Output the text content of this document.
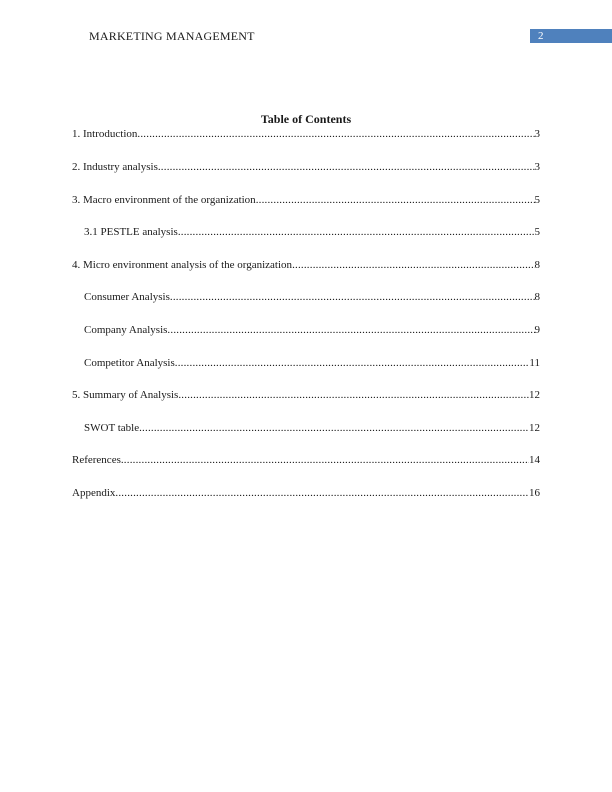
MARKETING MANAGEMENT	2
Table of Contents
1. Introduction .....	3
2. Industry analysis .....	3
3. Macro environment of the organization .....	5
3.1 PESTLE analysis .....	5
4. Micro environment analysis of the organization .....	8
Consumer Analysis .....	8
Company Analysis .....	9
Competitor Analysis .....	11
5. Summary of Analysis .....	12
SWOT table .....	12
References .....	14
Appendix .....	16
